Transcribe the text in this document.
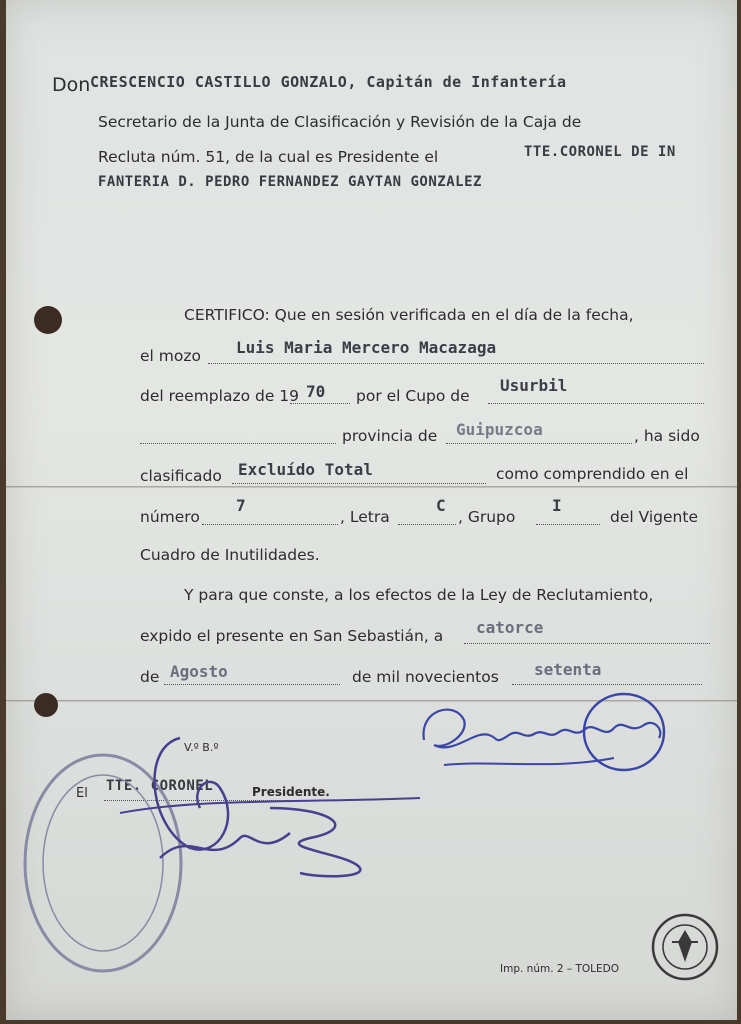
Don CRESCENCIO CASTILLO GONZALO, Capitán de Infantería
Secretario de la Junta de Clasificación y Revisión de la Caja de
Recluta núm. 51, de la cual es Presidente el	TTE.CORONEL DE IN
FANTERIA D. PEDRO FERNANDEZ GAYTAN GONZALEZ
CERTIFICO: Que en sesión verificada en el día de la fecha,
el mozo
Luis Maria Mercero Macazaga
del reemplazo de 19
70 por el Cupo de

Usurbil

provincia de
Guipuzcoa	, ha sido
clasificado
Excluído Total	como comprendido en el
número

7
, Letra

C
, Grupo

I
del Vigente
Cuadro de Inutilidades.
Y para que conste, a los efectos de la Ley de Reclutamiento,
expido el presente en San Sebastián, a
catorce
de
Agosto	de mil novecientos
setenta
V.º B.º
El TTE. CORONEL	Presidente.
Imp. núm. 2 – TOLEDO
